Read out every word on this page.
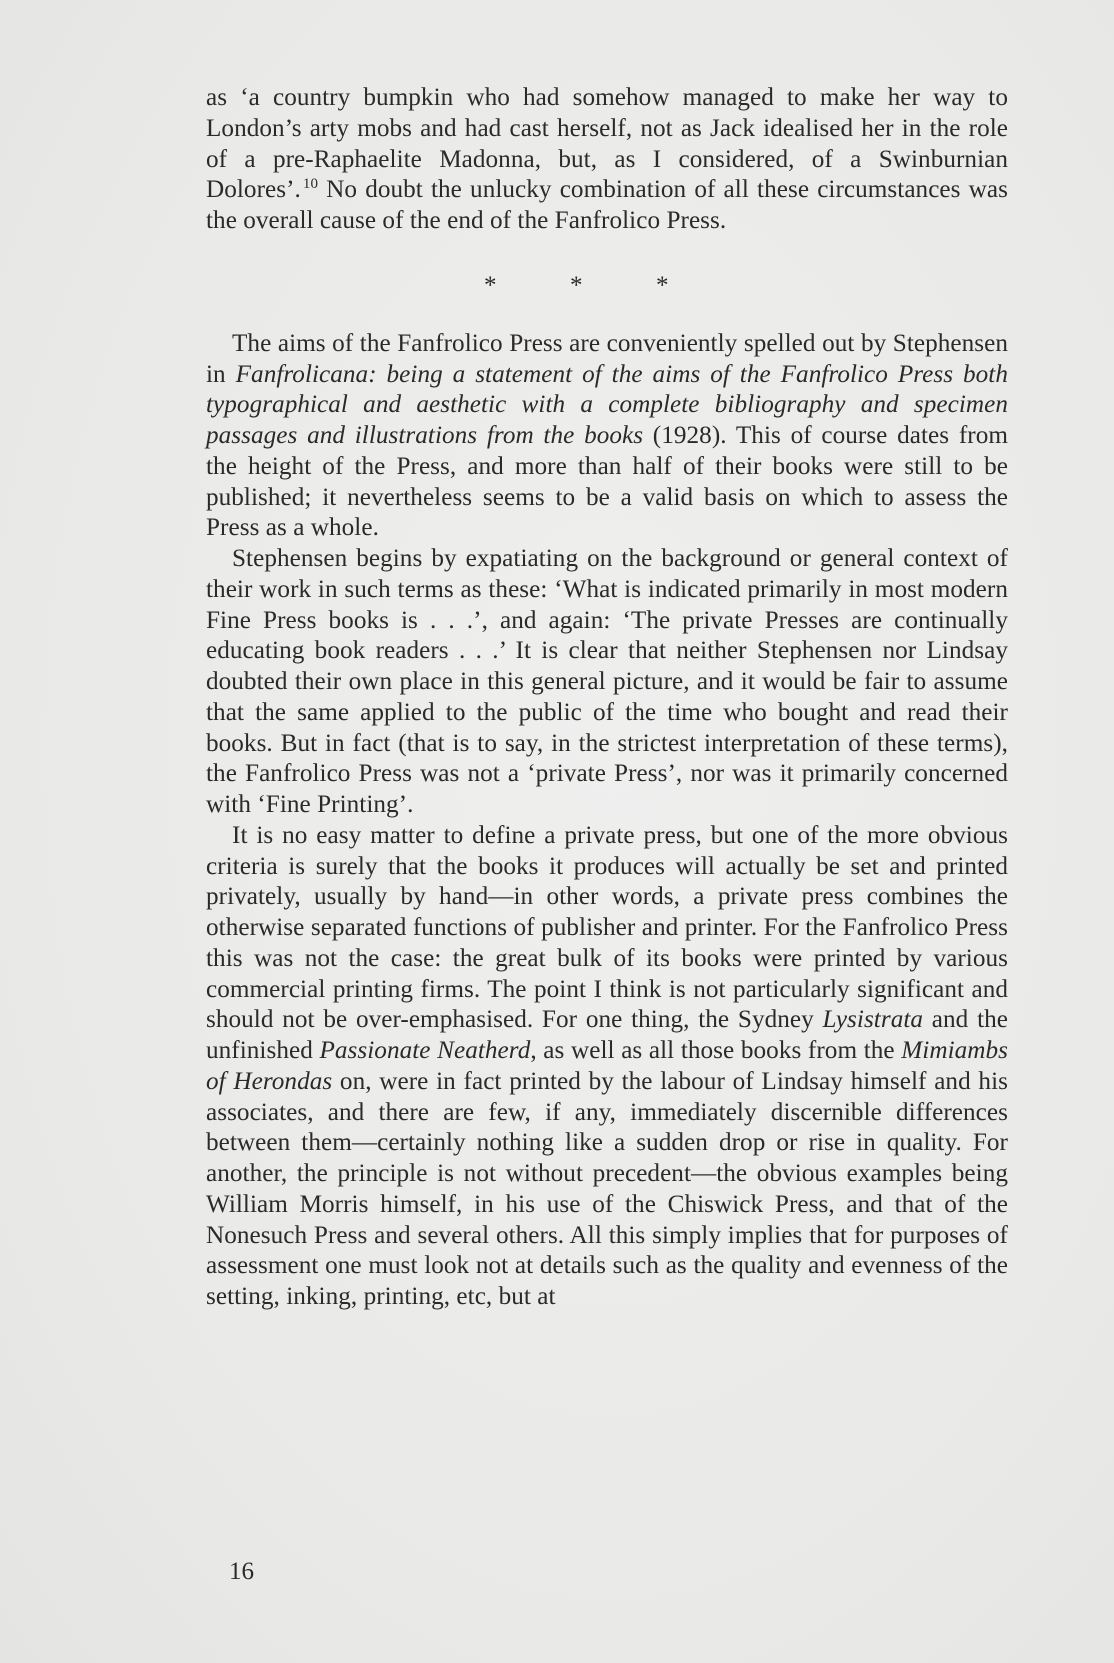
as ‘a country bumpkin who had somehow managed to make her way to London’s arty mobs and had cast herself, not as Jack idealised her in the role of a pre-Raphaelite Madonna, but, as I considered, of a Swinburnian Dolores’. $^{10}$ No doubt the unlucky combination of all these circumstances was the overall cause of the end of the Fanfrolico Press.

*	*	*

The aims of the Fanfrolico Press are conveniently spelled out by Stephensen in Fanfrolicana: being a statement of the aims of the Fanfrolico Press both typographical and aesthetic with a complete bibliography and specimen passages and illustrations from the books (1928). This of course dates from the height of the Press, and more than half of their books were still to be published; it nevertheless seems to be a valid basis on which to assess the Press as a whole.

Stephensen begins by expatiating on the background or general context of their work in such terms as these: ‘What is indicated primarily in most modern Fine Press books is . . .’, and again: ‘The private Presses are continually educating book readers . . .’ It is clear that neither Stephensen nor Lindsay doubted their own place in this general picture, and it would be fair to assume that the same applied to the public of the time who bought and read their books. But in fact (that is to say, in the strictest interpretation of these terms), the Fanfrolico Press was not a ‘private Press’, nor was it primarily concerned with ‘Fine Printing’.

It is no easy matter to define a private press, but one of the more obvious criteria is surely that the books it produces will actually be set and printed privately, usually by hand—in other words, a private press combines the otherwise separated functions of publisher and printer. For the Fanfrolico Press this was not the case: the great bulk of its books were printed by various commercial printing firms. The point I think is not particularly significant and should not be over-emphasised. For one thing, the Sydney Lysistrata and the unfinished Passionate Neatherd, as well as all those books from the Mimiambs of Herondas on, were in fact printed by the labour of Lindsay himself and his associates, and there are few, if any, immediately discernible differences between them—certainly nothing like a sudden drop or rise in quality. For another, the principle is not without precedent—the obvious examples being William Morris himself, in his use of the Chiswick Press, and that of the Nonesuch Press and several others. All this simply implies that for purposes of assessment one must look not at details such as the quality and evenness of the setting, inking, printing, etc, but at

16
